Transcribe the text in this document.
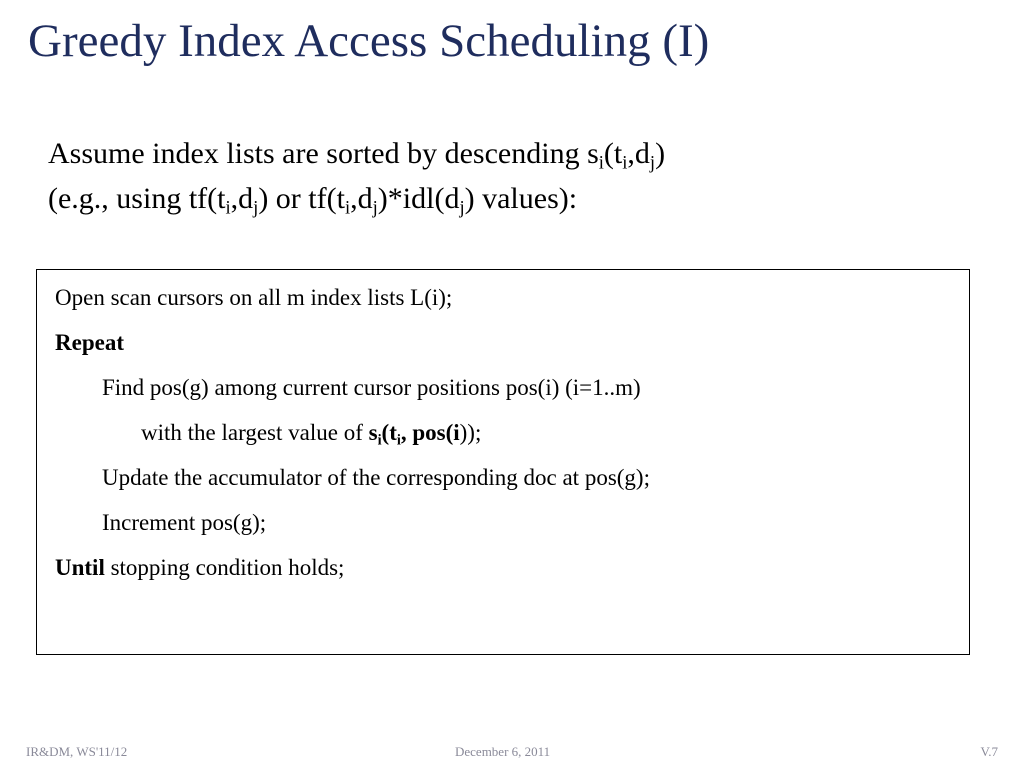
Greedy Index Access Scheduling (I)
Assume index lists are sorted by descending $s_i(t_i,d_j)$
(e.g., using $tf(t_i,d_j)$ or $tf(t_i,d_j)*idl(d_j)$ values):
Open scan cursors on all m index lists L(i);
Repeat
Find pos(g) among current cursor positions pos(i) (i=1..m)
with the largest value of $s_i(t_i$, pos(i));
Update the accumulator of the corresponding doc at pos(g);
Increment pos(g);
Until stopping condition holds;
IR&DM, WS'11/12	December 6, 2011	V.7
